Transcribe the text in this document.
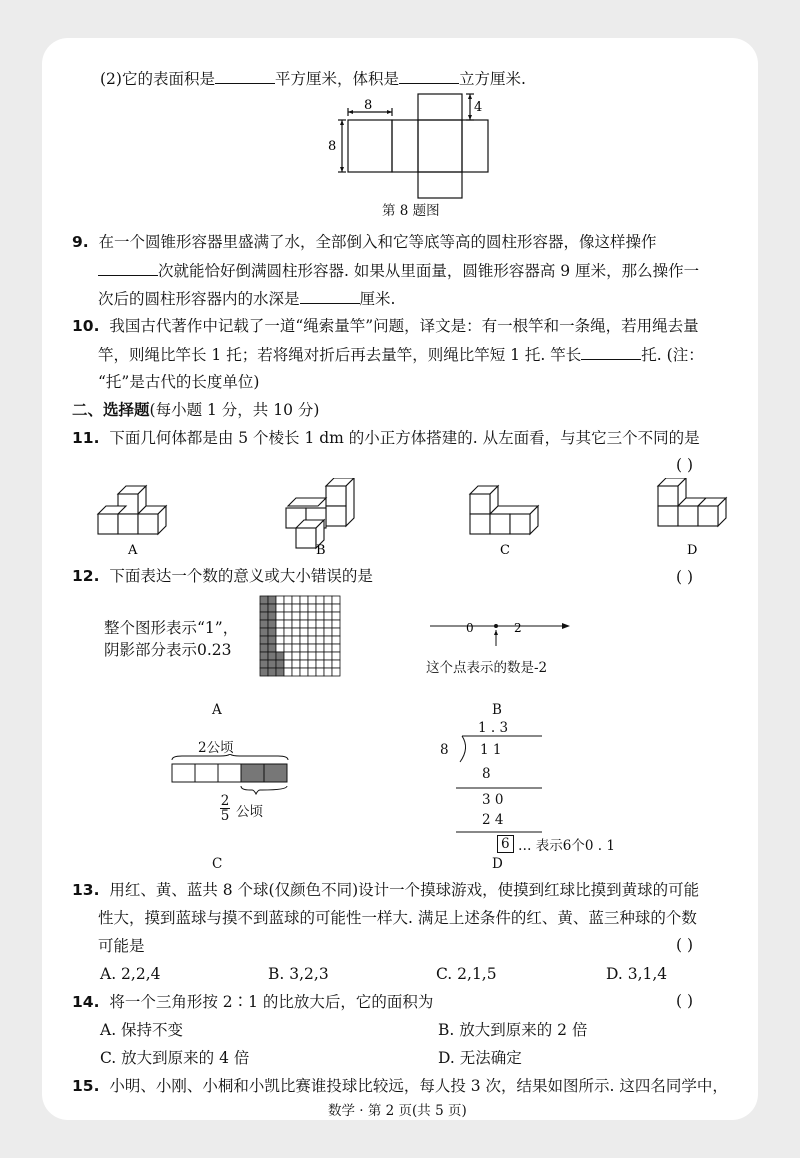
(2)它的表面积是	平方厘米，体积是	立方厘米.
8
8
4
第 8 题图
9. 在一个圆锥形容器里盛满了水，全部倒入和它等底等高的圆柱形容器，像这样操作
次就能恰好倒满圆柱形容器. 如果从里面量，圆锥形容器高 9 厘米，那么操作一
次后的圆柱形容器内的水深是	厘米.
10. 我国古代著作中记载了一道“绳索量竿”问题，译文是：有一根竿和一条绳，若用绳去量
竿，则绳比竿长 1 托；若将绳对折后再去量竿，则绳比竿短 1 托. 竿长	托. (注：
“托”是古代的长度单位)
二、选择题(每小题 1 分，共 10 分)
11. 下面几何体都是由 5 个棱长 1 dm 的小正方体搭建的. 从左面看，与其它三个不同的是
( )
A	B	C	D
12. 下面表达一个数的意义或大小错误的是	( )
整个图形表示“1”，
阴影部分表示0.23
A
0	2
这个点表示的数是-2
B
2公顷
2
5 公顷
C
1 . 3
8 1 1
8
3 0
2 4
6 … 表示6个0 . 1
D
13. 用红、黄、蓝共 8 个球(仅颜色不同)设计一个摸球游戏，使摸到红球比摸到黄球的可能
性大，摸到蓝球与摸不到蓝球的可能性一样大. 满足上述条件的红、黄、蓝三种球的个数
可能是	( )
A. 2,2,4	B. 3,2,3	C. 2,1,5	D. 3,1,4
14. 将一个三角形按 2∶1 的比放大后，它的面积为	( )
A. 保持不变	B. 放大到原来的 2 倍
C. 放大到原来的 4 倍	D. 无法确定
15. 小明、小刚、小桐和小凯比赛谁投球比较远，每人投 3 次，结果如图所示. 这四名同学中，
数学 · 第 2 页(共 5 页)
